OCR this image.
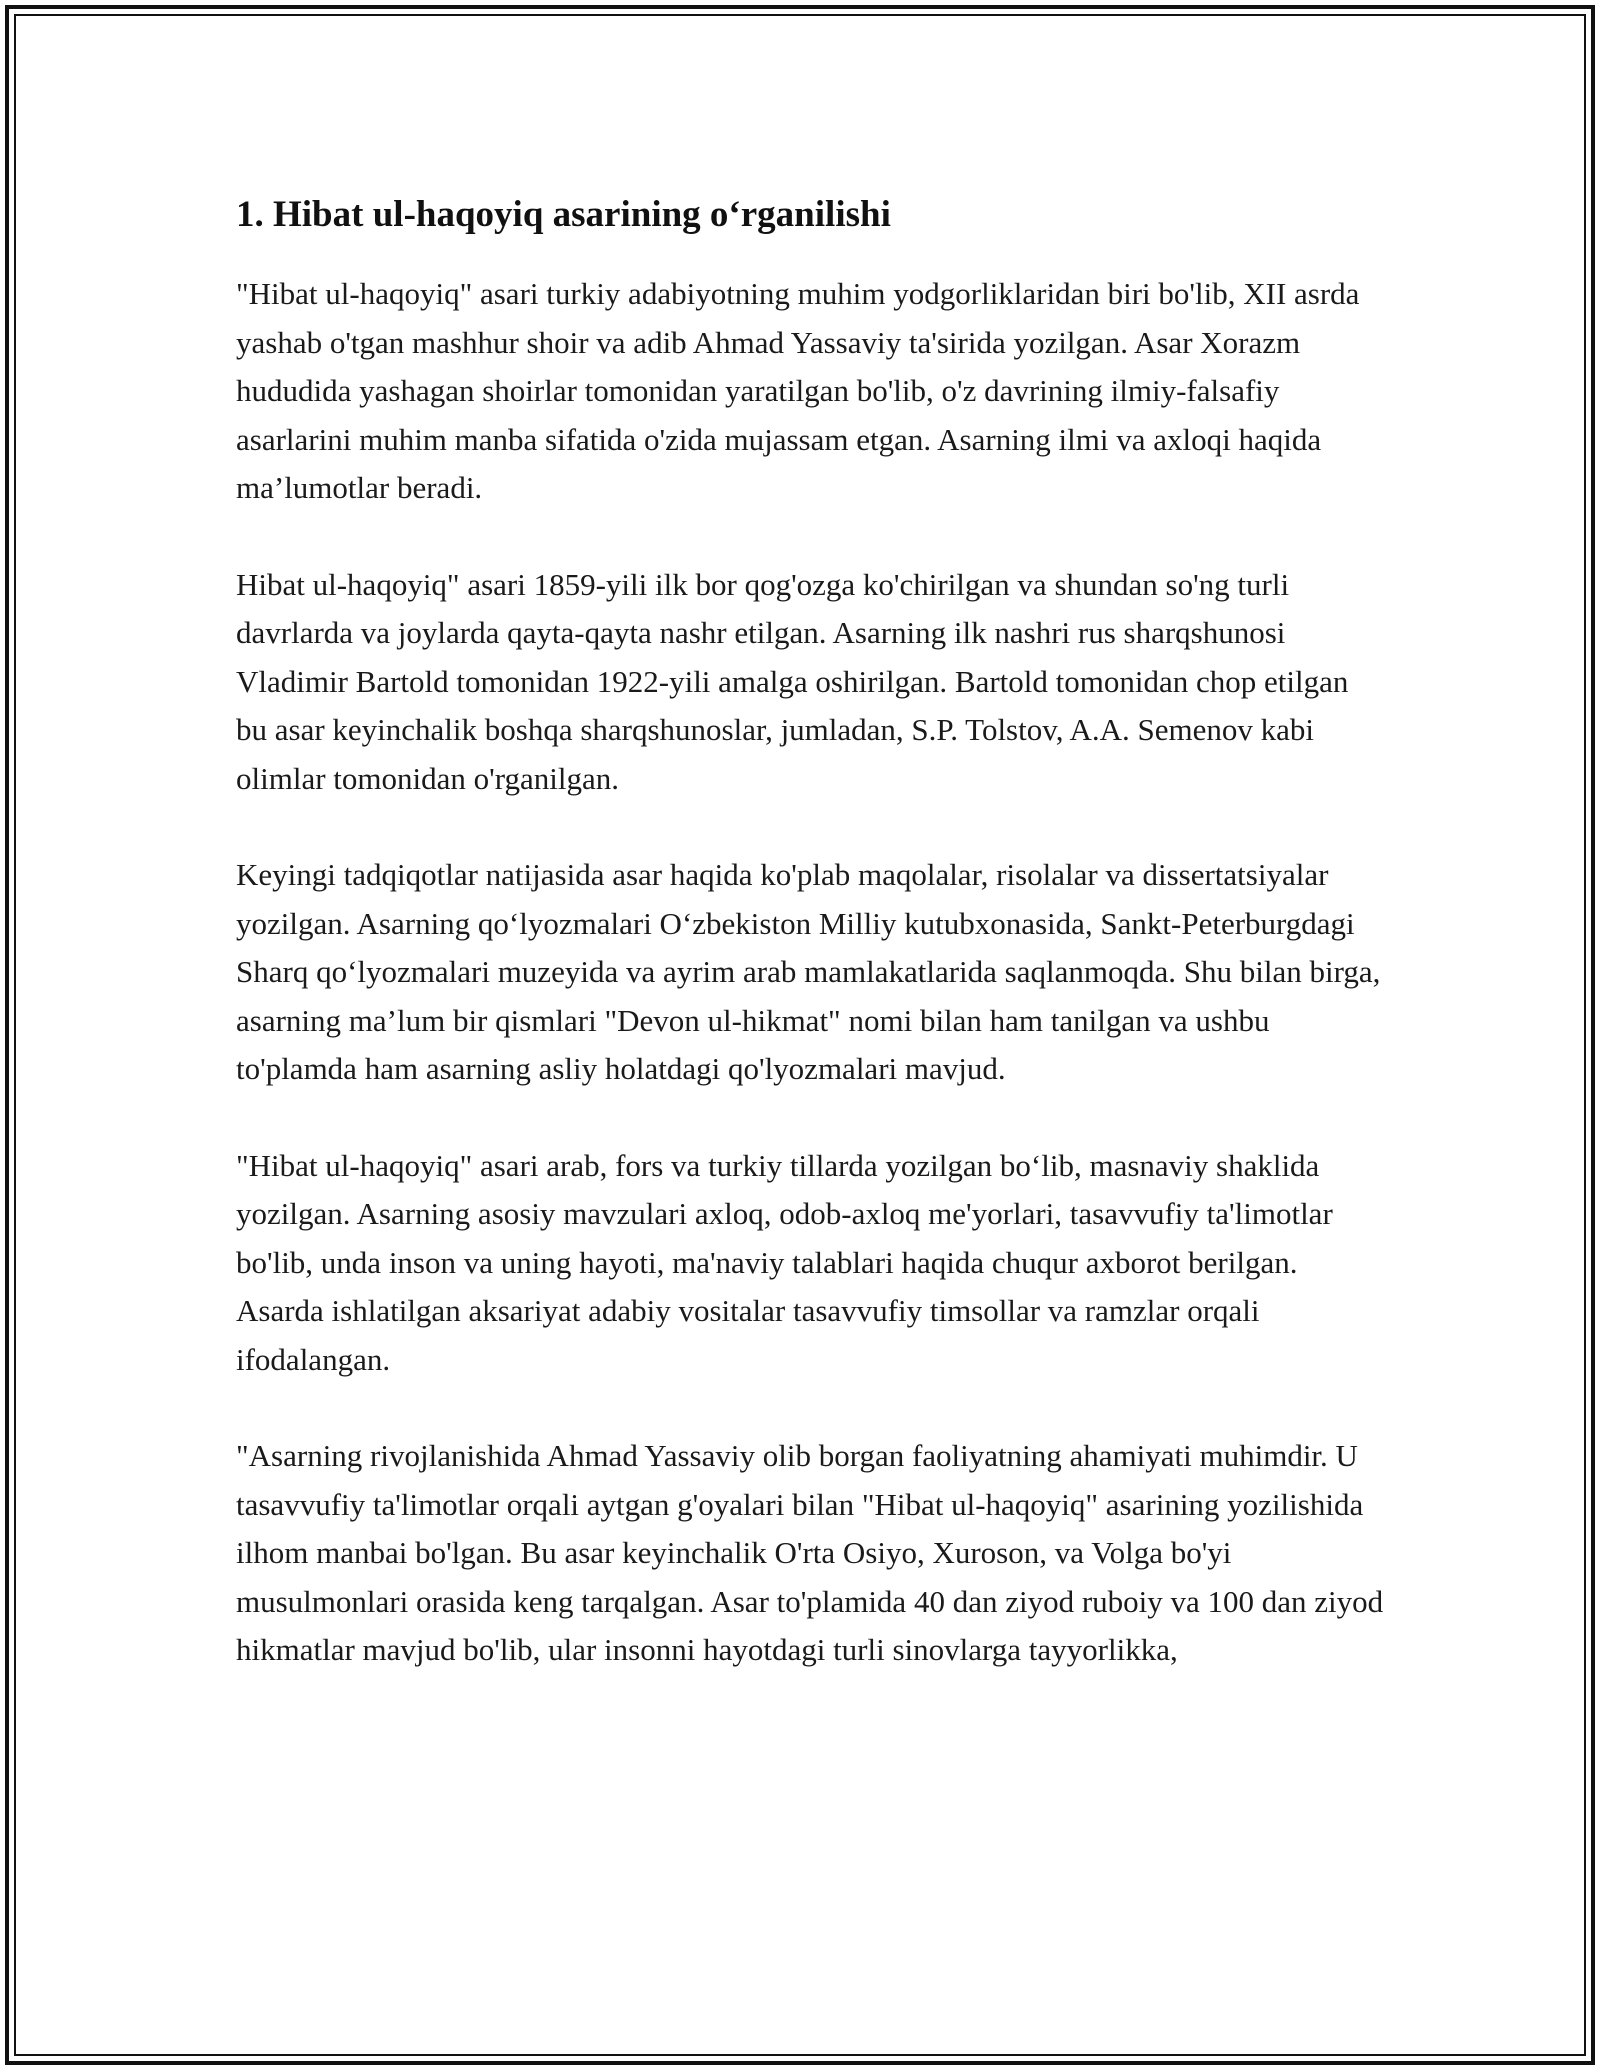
1. Hibat ul-haqoyiq asarining o‘rganilishi

"Hibat ul-haqoyiq" asari turkiy adabiyotning muhim yodgorliklaridan biri bo'lib, XII asrda yashab o'tgan mashhur shoir va adib Ahmad Yassaviy ta'sirida yozilgan. Asar Xorazm hududida yashagan shoirlar tomonidan yaratilgan bo'lib, o'z davrining ilmiy-falsafiy asarlarini muhim manba sifatida o'zida mujassam etgan. Asarning ilmi va axloqi haqida ma’lumotlar beradi.

Hibat ul-haqoyiq" asari 1859-yili ilk bor qog'ozga ko'chirilgan va shundan so'ng turli davrlarda va joylarda qayta-qayta nashr etilgan. Asarning ilk nashri rus sharqshunosi Vladimir Bartold tomonidan 1922-yili amalga oshirilgan. Bartold tomonidan chop etilgan bu asar keyinchalik boshqa sharqshunoslar, jumladan, S.P. Tolstov, A.A. Semenov kabi olimlar tomonidan o'rganilgan.

Keyingi tadqiqotlar natijasida asar haqida ko'plab maqolalar, risolalar va dissertatsiyalar yozilgan. Asarning qo‘lyozmalari O‘zbekiston Milliy kutubxonasida, Sankt-Peterburgdagi Sharq qo‘lyozmalari muzeyida va ayrim arab mamlakatlarida saqlanmoqda. Shu bilan birga, asarning ma’lum bir qismlari "Devon ul-hikmat" nomi bilan ham tanilgan va ushbu to'plamda ham asarning asliy holatdagi qo'lyozmalari mavjud.

"Hibat ul-haqoyiq" asari arab, fors va turkiy tillarda yozilgan bo‘lib, masnaviy shaklida yozilgan. Asarning asosiy mavzulari axloq, odob-axloq me'yorlari, tasavvufiy ta'limotlar bo'lib, unda inson va uning hayoti, ma'naviy talablari haqida chuqur axborot berilgan. Asarda ishlatilgan aksariyat adabiy vositalar tasavvufiy timsollar va ramzlar orqali ifodalangan.

"Asarning rivojlanishida Ahmad Yassaviy olib borgan faoliyatning ahamiyati muhimdir. U tasavvufiy ta'limotlar orqali aytgan g'oyalari bilan "Hibat ul-haqoyiq" asarining yozilishida ilhom manbai bo'lgan. Bu asar keyinchalik O'rta Osiyo, Xuroson, va Volga bo'yi musulmonlari orasida keng tarqalgan. Asar to'plamida 40 dan ziyod ruboiy va 100 dan ziyod hikmatlar mavjud bo'lib, ular insonni hayotdagi turli sinovlarga tayyorlikka,
